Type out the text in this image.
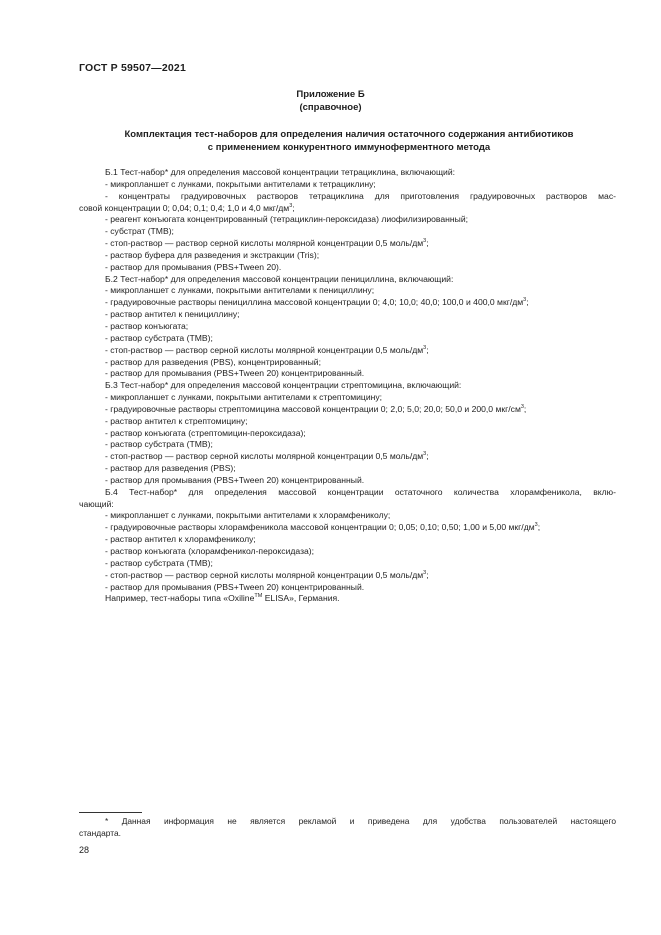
ГОСТ Р 59507—2021
Приложение Б
(справочное)
Комплектация тест-наборов для определения наличия остаточного содержания антибиотиков
с применением конкурентного иммуноферментного метода
Б.1 Тест-набор* для определения массовой концентрации тетрациклина, включающий:
- микропланшет с лунками, покрытыми антителами к тетрациклину;
- концентраты градуировочных растворов тетрациклина для приготовления градуировочных растворов мас-
совой концентрации 0; 0,04; 0,1; 0,4; 1,0 и 4,0 мкг/$дм^3$;
- реагент конъюгата концентрированный (тетрациклин-пероксидаза) лиофилизированный;
- субстрат (TMB);
- стоп-раствор — раствор серной кислоты молярной концентрации 0,5 моль/$дм^3$;
- раствор буфера для разведения и экстракции (Tris);
- раствор для промывания (PBS+Tween 20).
Б.2 Тест-набор* для определения массовой концентрации пенициллина, включающий:
- микропланшет с лунками, покрытыми антителами к пенициллину;
- градуировочные растворы пенициллина массовой концентрации 0; 4,0; 10,0; 40,0; 100,0 и 400,0 мкг/$дм^3$;
- раствор антител к пенициллину;
- раствор конъюгата;
- раствор субстрата (TMB);
- стоп-раствор — раствор серной кислоты молярной концентрации 0,5 моль/$дм^3$;
- раствор для разведения (PBS), концентрированный;
- раствор для промывания (PBS+Tween 20) концентрированный.
Б.3 Тест-набор* для определения массовой концентрации стрептомицина, включающий:
- микропланшет с лунками, покрытыми антителами к стрептомицину;
- градуировочные растворы стрептомицина массовой концентрации 0; 2,0; 5,0; 20,0; 50,0 и 200,0 мкг/$см^3$;
- раствор антител к стрептомицину;
- раствор конъюгата (стрептомицин-пероксидаза);
- раствор субстрата (TMB);
- стоп-раствор — раствор серной кислоты молярной концентрации 0,5 моль/$дм^3$;
- раствор для разведения (PBS);
- раствор для промывания (PBS+Tween 20) концентрированный.
Б.4 Тест-набор* для определения массовой концентрации остаточного количества хлорамфеникола, вклю-
чающий:
- микропланшет с лунками, покрытыми антителами к хлорамфениколу;
- градуировочные растворы хлорамфеникола массовой концентрации 0; 0,05; 0,10; 0,50; 1,00 и 5,00 мкг/$дм^3$;
- раствор антител к хлорамфениколу;
- раствор конъюгата (хлорамфеникол-пероксидаза);
- раствор субстрата (TMB);
- стоп-раствор — раствор серной кислоты молярной концентрации 0,5 моль/$дм^3$;
- раствор для промывания (PBS+Tween 20) концентрированный.
Например, тест-наборы типа «Oxiline™ ELISA», Германия.
* Данная информация не является рекламой и приведена для удобства пользователей настоящего
стандарта.
28
